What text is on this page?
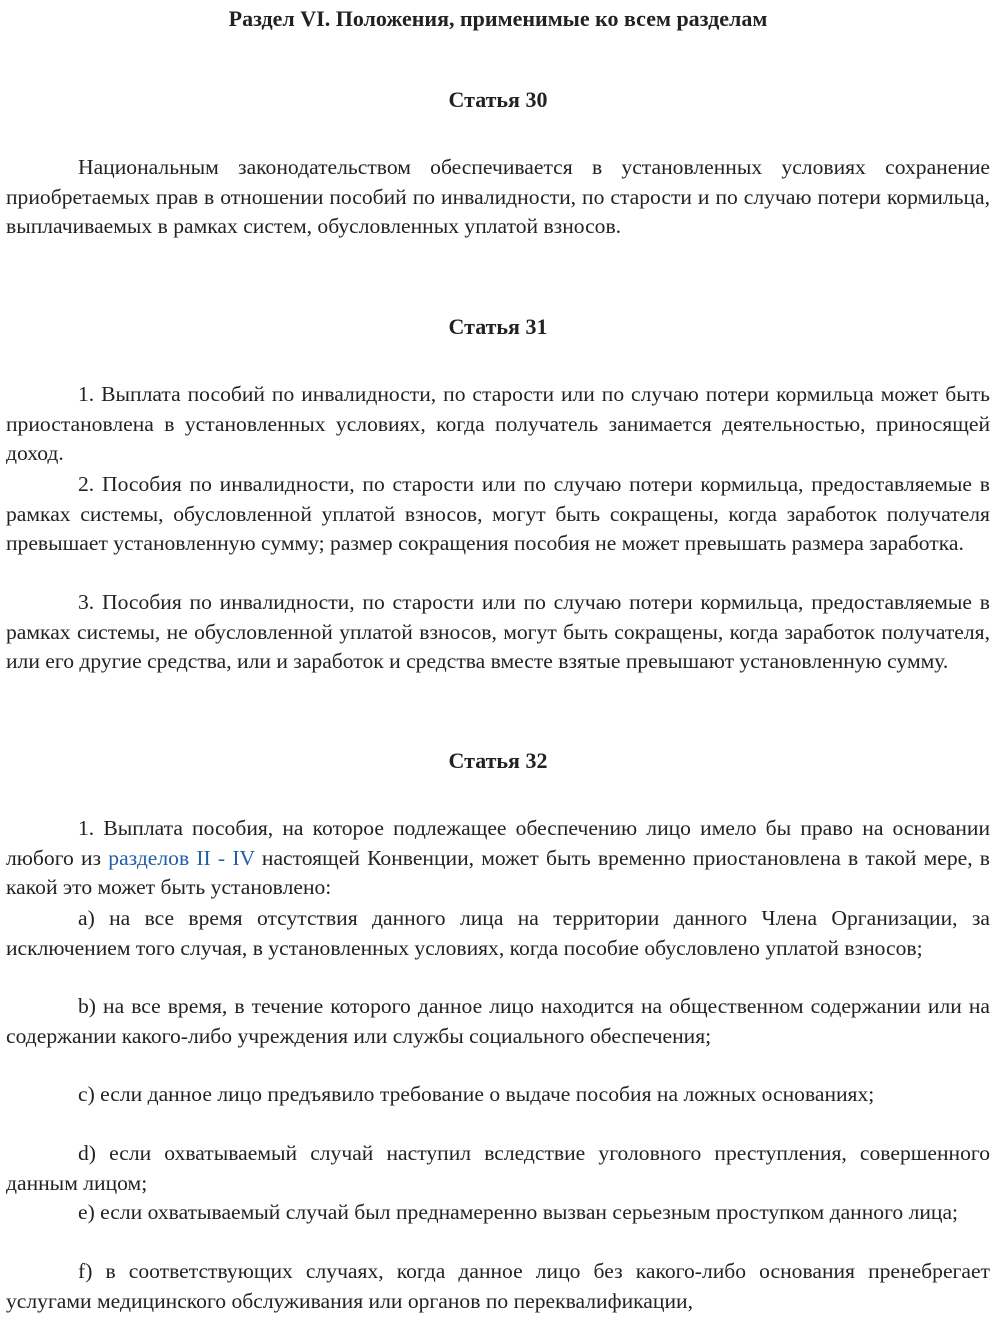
Раздел VI. Положения, применимые ко всем разделам
Статья 30

Национальным законодательством обеспечивается в установленных условиях сохранение приобретаемых прав в отношении пособий по инвалидности, по старости и по случаю потери кормильца, выплачиваемых в рамках систем, обусловленных уплатой взносов.

Статья 31

1. Выплата пособий по инвалидности, по старости или по случаю потери кормильца может быть приостановлена в установленных условиях, когда получатель занимается деятельностью, приносящей доход.

2. Пособия по инвалидности, по старости или по случаю потери кормильца, предоставляемые в рамках системы, обусловленной уплатой взносов, могут быть сокращены, когда заработок получателя превышает установленную сумму; размер сокращения пособия не может превышать размера заработка.

3. Пособия по инвалидности, по старости или по случаю потери кормильца, предоставляемые в рамках системы, не обусловленной уплатой взносов, могут быть сокращены, когда заработок получателя, или его другие средства, или и заработок и средства вместе взятые превышают установленную сумму.

Статья 32

1. Выплата пособия, на которое подлежащее обеспечению лицо имело бы право на основании любого из разделов II - IV настоящей Конвенции, может быть временно приостановлена в такой мере, в какой это может быть установлено:

a) на все время отсутствия данного лица на территории данного Члена Организации, за исключением того случая, в установленных условиях, когда пособие обусловлено уплатой взносов;

b) на все время, в течение которого данное лицо находится на общественном содержании или на содержании какого-либо учреждения или службы социального обеспечения;

c) если данное лицо предъявило требование о выдаче пособия на ложных основаниях;

d) если охватываемый случай наступил вследствие уголовного преступления, совершенного данным лицом;

e) если охватываемый случай был преднамеренно вызван серьезным проступком данного лица;

f) в соответствующих случаях, когда данное лицо без какого-либо основания пренебрегает услугами медицинского обслуживания или органов по переквалификации,
